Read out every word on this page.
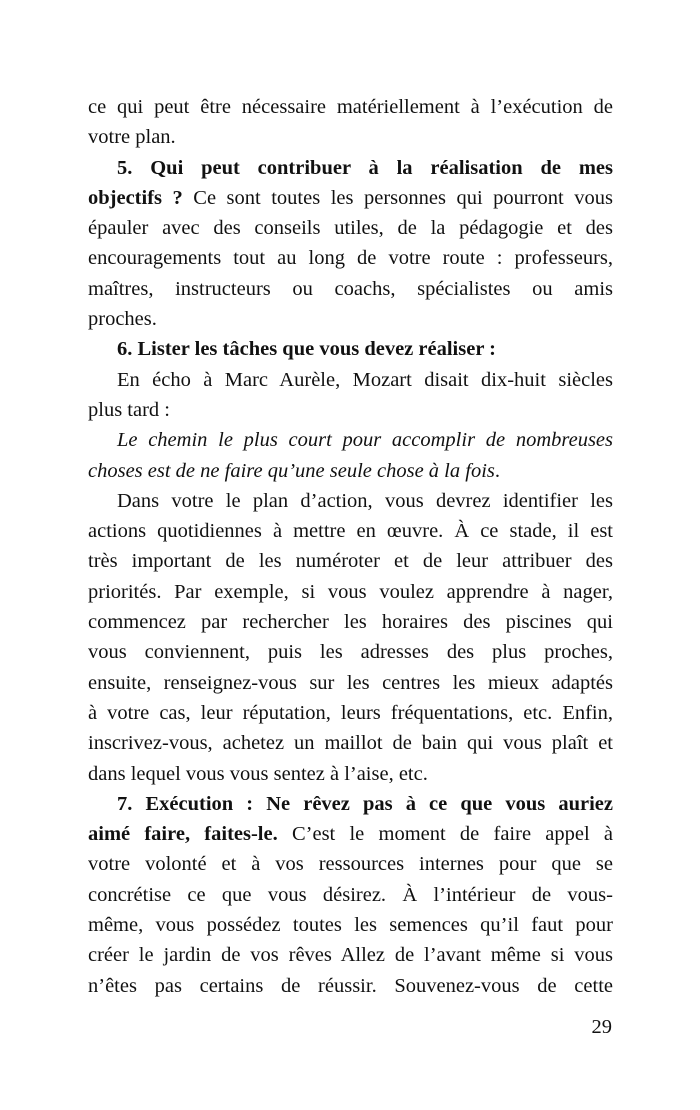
ce qui peut être nécessaire matériellement à l’exécution de
votre plan.
5. Qui peut contribuer à la réalisation de mes
objectifs ? Ce sont toutes les personnes qui pourront vous
épauler avec des conseils utiles, de la pédagogie et des
encouragements tout au long de votre route : professeurs,
maîtres, instructeurs ou coachs, spécialistes ou amis
proches.
6. Lister les tâches que vous devez réaliser :
En écho à Marc Aurèle, Mozart disait dix-huit siècles
plus tard :
Le chemin le plus court pour accomplir de nombreuses
choses est de ne faire qu’une seule chose à la fois.
Dans votre le plan d’action, vous devrez identifier les
actions quotidiennes à mettre en œuvre. À ce stade, il est
très important de les numéroter et de leur attribuer des
priorités. Par exemple, si vous voulez apprendre à nager,
commencez par rechercher les horaires des piscines qui
vous conviennent, puis les adresses des plus proches,
ensuite, renseignez-vous sur les centres les mieux adaptés
à votre cas, leur réputation, leurs fréquentations, etc. Enfin,
inscrivez-vous, achetez un maillot de bain qui vous plaît et
dans lequel vous vous sentez à l’aise, etc.
7. Exécution : Ne rêvez pas à ce que vous auriez
aimé faire, faites-le. C’est le moment de faire appel à
votre volonté et à vos ressources internes pour que se
concrétise ce que vous désirez. À l’intérieur de vous-
même, vous possédez toutes les semences qu’il faut pour
créer le jardin de vos rêves Allez de l’avant même si vous
n’êtes pas certains de réussir. Souvenez-vous de cette
29
